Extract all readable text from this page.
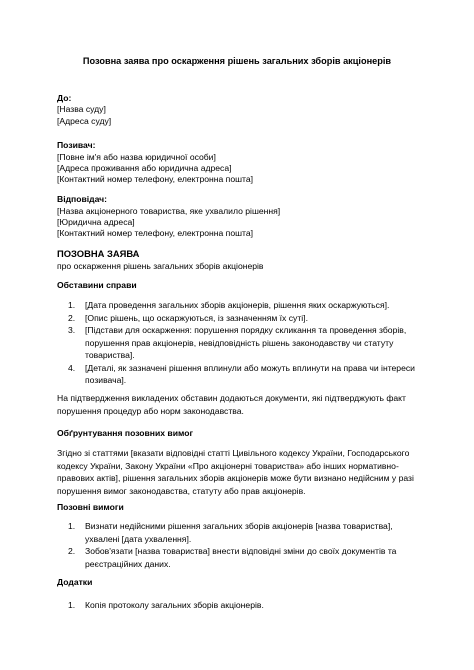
Позовна заява про оскарження рішень загальних зборів акціонерів
До:
[Назва суду]
[Адреса суду]
Позивач:
[Повне ім'я або назва юридичної особи]
[Адреса проживання або юридична адреса]
[Контактний номер телефону, електронна пошта]
Відповідач:
[Назва акціонерного товариства, яке ухвалило рішення]
[Юридична адреса]
[Контактний номер телефону, електронна пошта]
ПОЗОВНА ЗАЯВА
про оскарження рішень загальних зборів акціонерів
Обставини справи
1. [Дата проведення загальних зборів акціонерів, рішення яких оскаржуються].
2. [Опис рішень, що оскаржуються, із зазначенням їх суті].
3. [Підстави для оскарження: порушення порядку скликання та проведення зборів, порушення прав акціонерів, невідповідність рішень законодавству чи статуту товариства].
4. [Деталі, як зазначені рішення вплинули або можуть вплинути на права чи інтереси позивача].
На підтвердження викладених обставин додаються документи, які підтверджують факт порушення процедур або норм законодавства.
Обґрунтування позовних вимог
Згідно зі статтями [вказати відповідні статті Цивільного кодексу України, Господарського кодексу України, Закону України «Про акціонерні товариства» або інших нормативно-правових актів], рішення загальних зборів акціонерів може бути визнано недійсним у разі порушення вимог законодавства, статуту або прав акціонерів.
Позовні вимоги
1. Визнати недійсними рішення загальних зборів акціонерів [назва товариства], ухвалені [дата ухвалення].
2. Зобов'язати [назва товариства] внести відповідні зміни до своїх документів та реєстраційних даних.
Додатки
1. Копія протоколу загальних зборів акціонерів.
